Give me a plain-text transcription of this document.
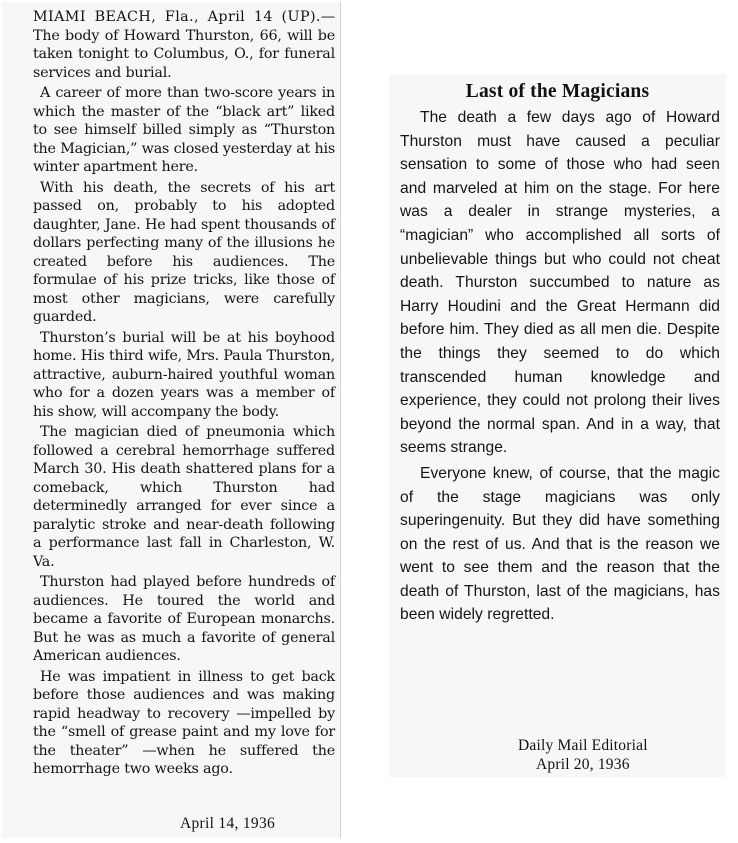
MIAMI BEACH, Fla., April 14 (UP).—The body of Howard Thurston, 66, will be taken tonight to Columbus, O., for funeral services and burial.

A career of more than two-score years in which the master of the “black art” liked to see himself billed simply as “Thurston the Magician,” was closed yesterday at his winter apartment here.

With his death, the secrets of his art passed on, probably to his adopted daughter, Jane. He had spent thousands of dollars perfecting many of the illusions he created before his audiences. The formulae of his prize tricks, like those of most other magicians, were carefully guarded.

Thurston’s burial will be at his boyhood home. His third wife, Mrs. Paula Thurston, attractive, auburn-haired youthful woman who for a dozen years was a member of his show, will accompany the body.

The magician died of pneumonia which followed a cerebral hemorrhage suffered March 30. His death shattered plans for a comeback, which Thurston had determinedly arranged for ever since a paralytic stroke and near-death following a performance last fall in Charleston, W. Va.

Thurston had played before hundreds of audiences. He toured the world and became a favorite of European monarchs. But he was as much a favorite of general American audiences.

He was impatient in illness to get back before those audiences and was making rapid headway to recovery —impelled by the “smell of grease paint and my love for the theater” —when he suffered the hemorrhage two weeks ago.

April 14, 1936
Last of the Magicians

The death a few days ago of Howard Thurston must have caused a peculiar sensation to some of those who had seen and marveled at him on the stage. For here was a dealer in strange mysteries, a “magician” who accomplished all sorts of unbelievable things but who could not cheat death. Thurston succumbed to nature as Harry Houdini and the Great Hermann did before him. They died as all men die. Despite the things they seemed to do which transcended human knowledge and experience, they could not prolong their lives beyond the normal span. And in a way, that seems strange.

Everyone knew, of course, that the magic of the stage magicians was only superingenuity. But they did have something on the rest of us. And that is the reason we went to see them and the reason that the death of Thurston, last of the magicians, has been widely regretted.

Daily Mail Editorial
April 20, 1936
